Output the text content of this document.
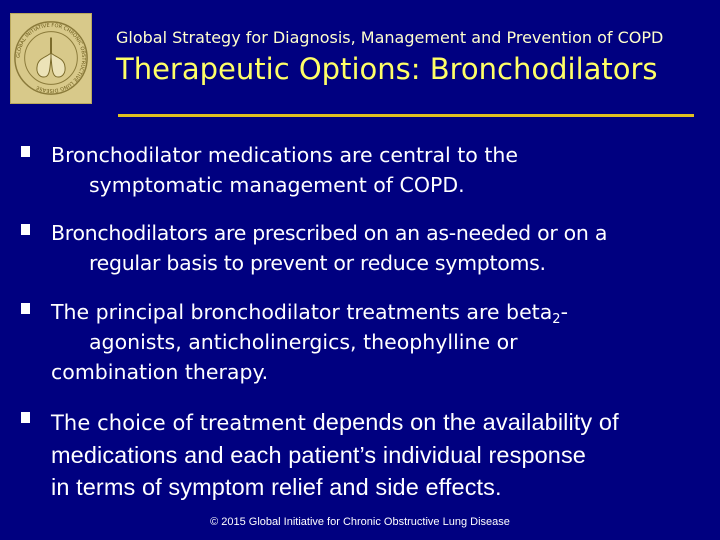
GLOBAL INITIATIVE FOR CHRONIC OBSTRUCTIVE LUNG DISEASE
Global Strategy for Diagnosis, Management and Prevention of COPD
Therapeutic Options: Bronchodilators
Bronchodilator medications are central to the
symptomatic management of COPD.
Bronchodilators are prescribed on an as-needed or on a
regular basis to prevent or reduce symptoms.
The principal bronchodilator treatments are beta$_2$-
agonists, anticholinergics, theophylline or
combination therapy.
The choice of treatment depends on the availability of
medications and each patient’s individual response
in terms of symptom relief and side effects.
© 2015 Global Initiative for Chronic Obstructive Lung Disease
